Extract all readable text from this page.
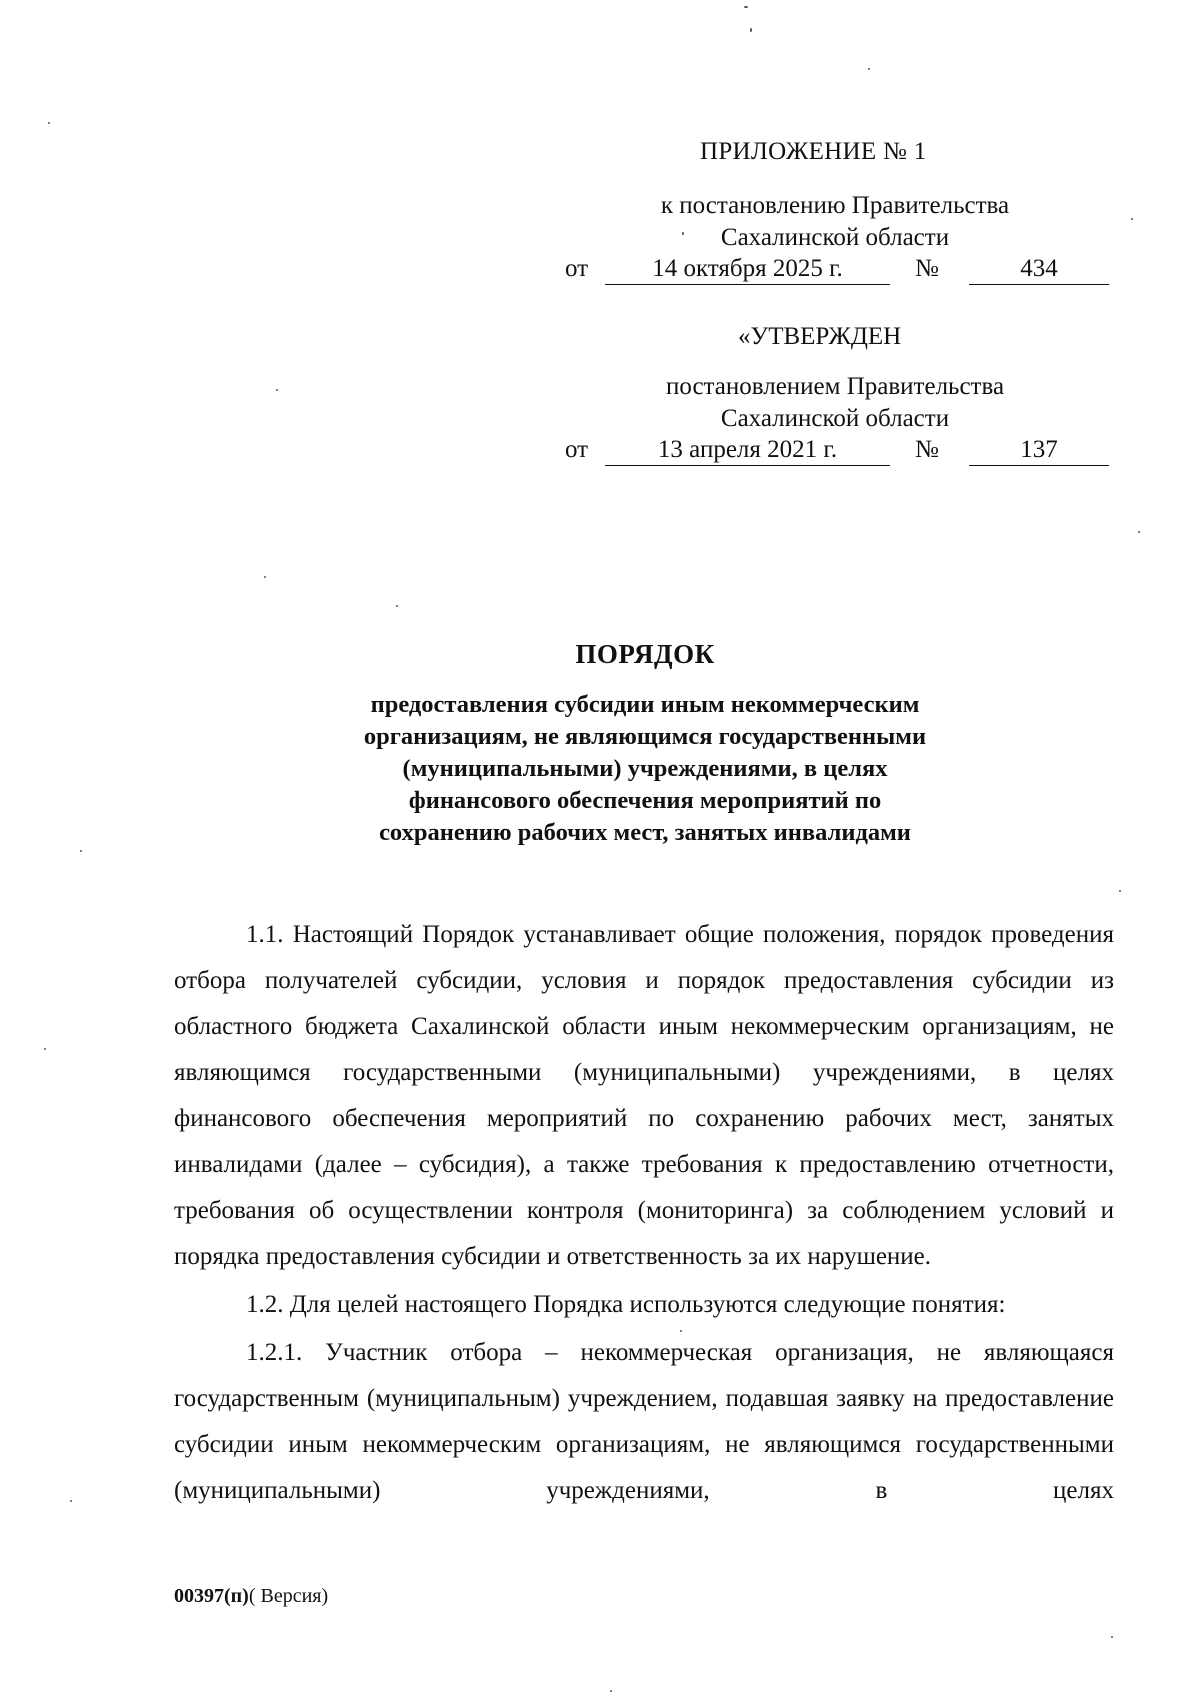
ПРИЛОЖЕНИЕ № 1
к постановлению Правительства
Сахалинской области
от	14 октября 2025 г.	№	434
«УТВЕРЖДЕН
постановлением Правительства
Сахалинской области
от	13 апреля 2021 г.	№	137
ПОРЯДОК
предоставления субсидии иным некоммерческим
организациям, не являющимся государственными
(муниципальными) учреждениями, в целях
финансового обеспечения мероприятий по
сохранению рабочих мест, занятых инвалидами

1.1. Настоящий Порядок устанавливает общие положения, порядок проведения отбора получателей субсидии, условия и порядок предоставления субсидии из областного бюджета Сахалинской области иным некоммерческим организациям, не являющимся государственными (муниципальными) учреждениями, в целях финансового обеспечения мероприятий по сохранению рабочих мест, занятых инвалидами (далее – субсидия), а также требования к предоставлению отчетности, требования об осуществлении контроля (мониторинга) за соблюдением условий и порядка предоставления субсидии и ответственность за их нарушение.

1.2. Для целей настоящего Порядка используются следующие понятия:

1.2.1. Участник отбора – некоммерческая организация, не являющаяся государственным (муниципальным) учреждением, подавшая заявку на предоставление субсидии иным некоммерческим организациям, не являющимся государственными (муниципальными) учреждениями, в целях

00397(п)( Версия)
